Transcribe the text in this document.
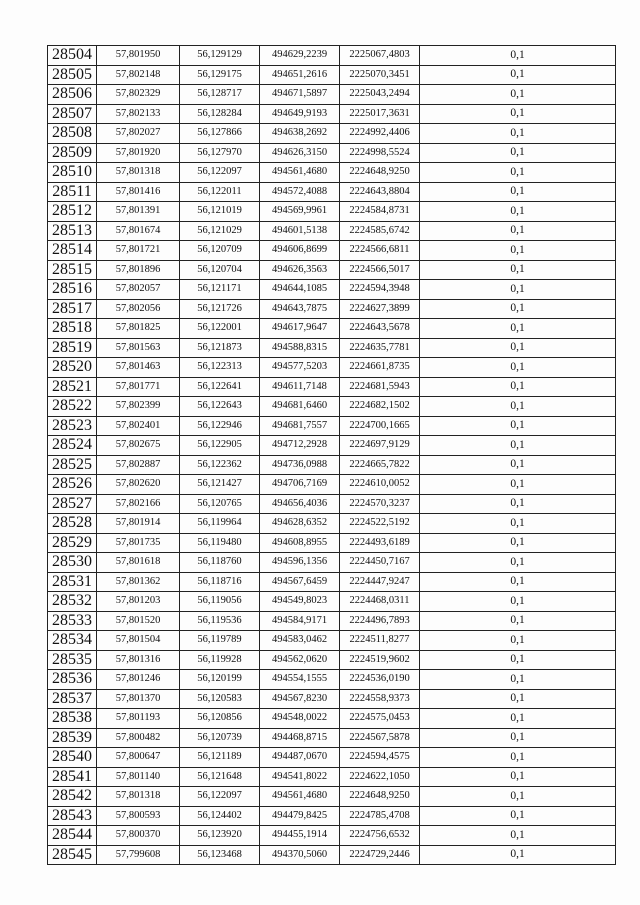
28504	57,801950	56,129129	494629,2239	2225067,4803	0,1
28505	57,802148	56,129175	494651,2616	2225070,3451	0,1
28506	57,802329	56,128717	494671,5897	2225043,2494	0,1
28507	57,802133	56,128284	494649,9193	2225017,3631	0,1
28508	57,802027	56,127866	494638,2692	2224992,4406	0,1
28509	57,801920	56,127970	494626,3150	2224998,5524	0,1
28510	57,801318	56,122097	494561,4680	2224648,9250	0,1
28511	57,801416	56,122011	494572,4088	2224643,8804	0,1
28512	57,801391	56,121019	494569,9961	2224584,8731	0,1
28513	57,801674	56,121029	494601,5138	2224585,6742	0,1
28514	57,801721	56,120709	494606,8699	2224566,6811	0,1
28515	57,801896	56,120704	494626,3563	2224566,5017	0,1
28516	57,802057	56,121171	494644,1085	2224594,3948	0,1
28517	57,802056	56,121726	494643,7875	2224627,3899	0,1
28518	57,801825	56,122001	494617,9647	2224643,5678	0,1
28519	57,801563	56,121873	494588,8315	2224635,7781	0,1
28520	57,801463	56,122313	494577,5203	2224661,8735	0,1
28521	57,801771	56,122641	494611,7148	2224681,5943	0,1
28522	57,802399	56,122643	494681,6460	2224682,1502	0,1
28523	57,802401	56,122946	494681,7557	2224700,1665	0,1
28524	57,802675	56,122905	494712,2928	2224697,9129	0,1
28525	57,802887	56,122362	494736,0988	2224665,7822	0,1
28526	57,802620	56,121427	494706,7169	2224610,0052	0,1
28527	57,802166	56,120765	494656,4036	2224570,3237	0,1
28528	57,801914	56,119964	494628,6352	2224522,5192	0,1
28529	57,801735	56,119480	494608,8955	2224493,6189	0,1
28530	57,801618	56,118760	494596,1356	2224450,7167	0,1
28531	57,801362	56,118716	494567,6459	2224447,9247	0,1
28532	57,801203	56,119056	494549,8023	2224468,0311	0,1
28533	57,801520	56,119536	494584,9171	2224496,7893	0,1
28534	57,801504	56,119789	494583,0462	2224511,8277	0,1
28535	57,801316	56,119928	494562,0620	2224519,9602	0,1
28536	57,801246	56,120199	494554,1555	2224536,0190	0,1
28537	57,801370	56,120583	494567,8230	2224558,9373	0,1
28538	57,801193	56,120856	494548,0022	2224575,0453	0,1
28539	57,800482	56,120739	494468,8715	2224567,5878	0,1
28540	57,800647	56,121189	494487,0670	2224594,4575	0,1
28541	57,801140	56,121648	494541,8022	2224622,1050	0,1
28542	57,801318	56,122097	494561,4680	2224648,9250	0,1
28543	57,800593	56,124402	494479,8425	2224785,4708	0,1
28544	57,800370	56,123920	494455,1914	2224756,6532	0,1
28545	57,799608	56,123468	494370,5060	2224729,2446	0,1
